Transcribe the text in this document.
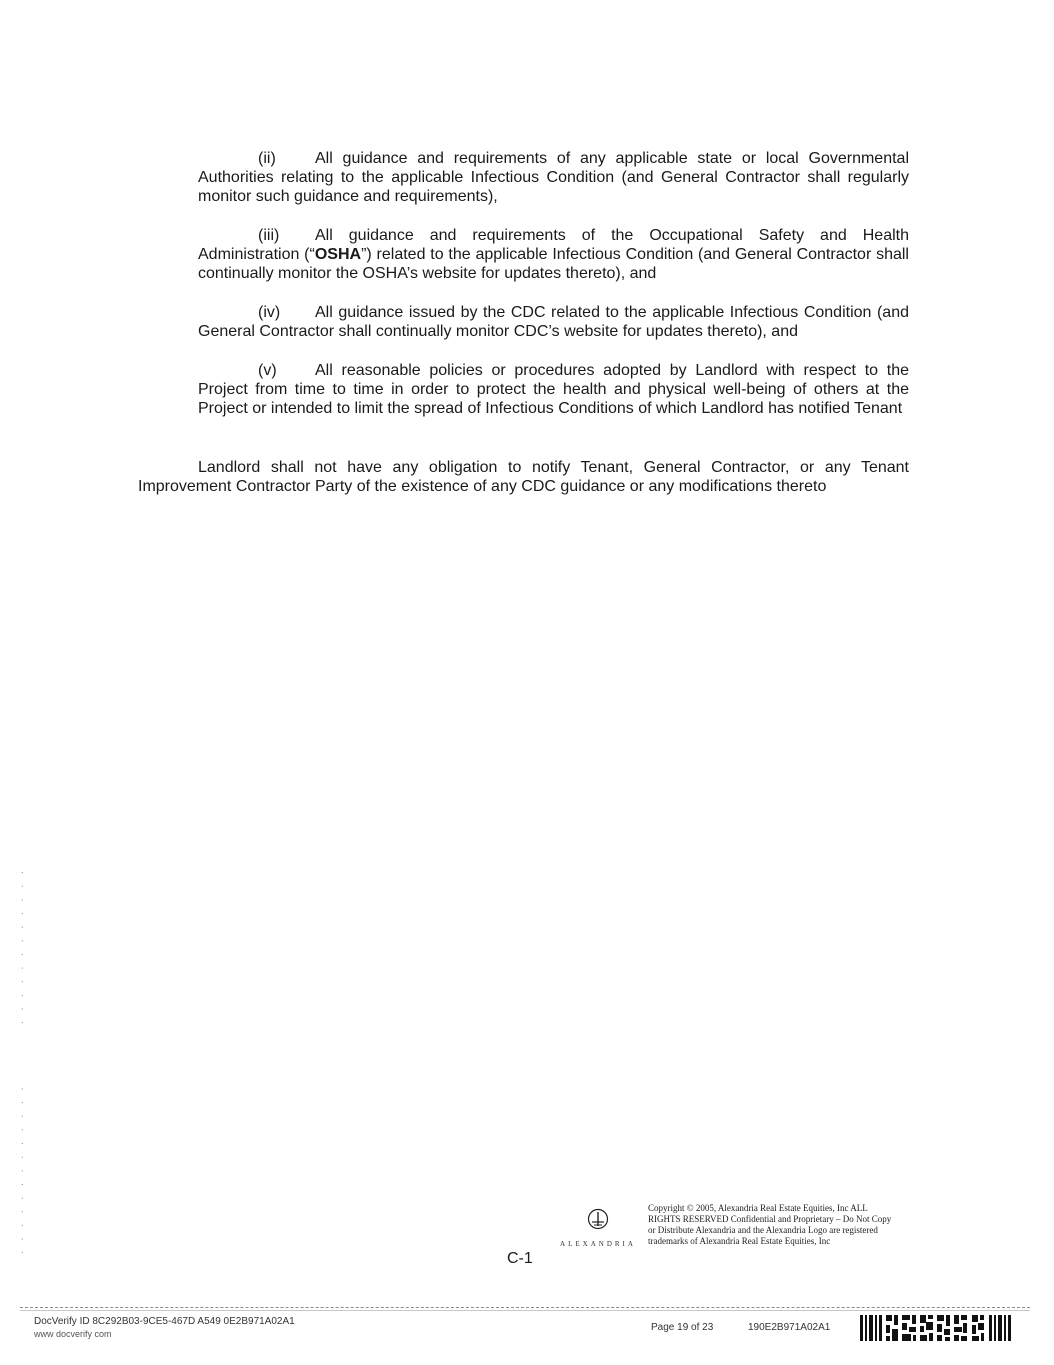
(ii) All guidance and requirements of any applicable state or local Governmental Authorities relating to the applicable Infectious Condition (and General Contractor shall regularly monitor such guidance and requirements),

(iii) All guidance and requirements of the Occupational Safety and Health Administration (“OSHA”) related to the applicable Infectious Condition (and General Contractor shall continually monitor the OSHA’s website for updates thereto), and

(iv) All guidance issued by the CDC related to the applicable Infectious Condition (and General Contractor shall continually monitor CDC’s website for updates thereto), and

(v) All reasonable policies or procedures adopted by Landlord with respect to the Project from time to time in order to protect the health and physical well-being of others at the Project or intended to limit the spread of Infectious Conditions of which Landlord has notified Tenant

Landlord shall not have any obligation to notify Tenant, General Contractor, or any Tenant Improvement Contractor Party of the existence of any CDC guidance or any modifications thereto

· · · · · · · · · · · ·
· · · · · · · · · · · · ·	ALEXANDRIA

Copyright © 2005, Alexandria Real Estate Equities, Inc ALL RIGHTS RESERVED Confidential and Proprietary – Do Not Copy or Distribute Alexandria and the Alexandria Logo are registered trademarks of Alexandria Real Estate Equities, Inc

C-1
DocVerify ID 8C292B03-9CE5-467D A549 0E2B971A02A1
www docverify com
Page 19 of 23	190E2B971A02A1
